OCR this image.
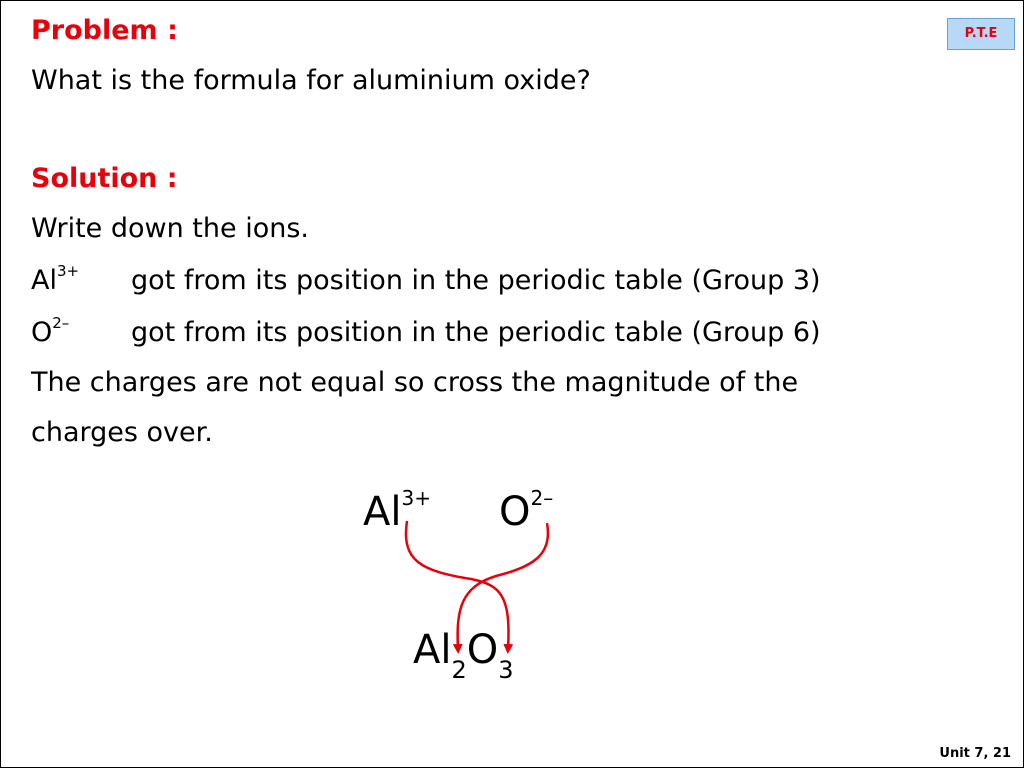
Problem :	P.T.E
What is the formula for aluminium oxide?
Solution :
Write down the ions.
$Al^{3+}$ got from its position in the periodic table (Group 3)
$O^{2-}$ got from its position in the periodic table (Group 6)
The charges are not equal so cross the magnitude of the
charges over.
$Al^{3+}$ $O^{2-}$
$Al_2O_3$
Unit 7, 21
